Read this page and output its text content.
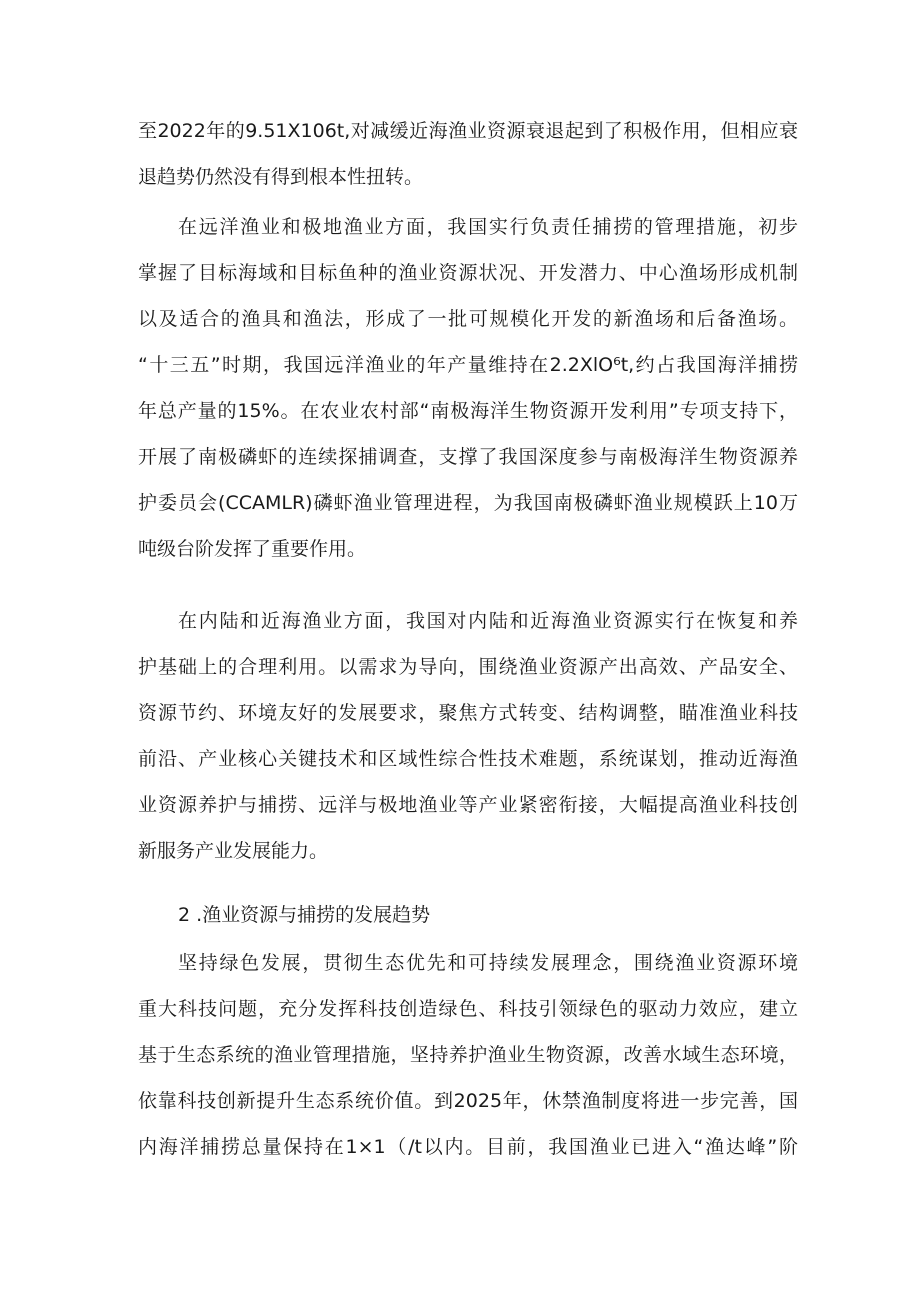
至2022年的9.51X106t,对减缓近海渔业资源衰退起到了积极作用，但相应衰
退趋势仍然没有得到根本性扭转。
在远洋渔业和极地渔业方面，我国实行负责任捕捞的管理措施，初步
掌握了目标海域和目标鱼种的渔业资源状况、开发潜力、中心渔场形成机制
以及适合的渔具和渔法，形成了一批可规模化开发的新渔场和后备渔场。
“十三五”时期，我国远洋渔业的年产量维持在2.2XlO⁶t,约占我国海洋捕捞
年总产量的15%。在农业农村部“南极海洋生物资源开发利用”专项支持下，
开展了南极磷虾的连续探捕调查，支撑了我国深度参与南极海洋生物资源养
护委员会(CCAMLR)磷虾渔业管理进程，为我国南极磷虾渔业规模跃上10万
吨级台阶发挥了重要作用。
在内陆和近海渔业方面，我国对内陆和近海渔业资源实行在恢复和养
护基础上的合理利用。以需求为导向，围绕渔业资源产出高效、产品安全、
资源节约、环境友好的发展要求，聚焦方式转变、结构调整，瞄准渔业科技
前沿、产业核心关键技术和区域性综合性技术难题，系统谋划，推动近海渔
业资源养护与捕捞、远洋与极地渔业等产业紧密衔接，大幅提高渔业科技创
新服务产业发展能力。
2 .渔业资源与捕捞的发展趋势
坚持绿色发展，贯彻生态优先和可持续发展理念，围绕渔业资源环境
重大科技问题，充分发挥科技创造绿色、科技引领绿色的驱动力效应，建立
基于生态系统的渔业管理措施，坚持养护渔业生物资源，改善水域生态环境，
依靠科技创新提升生态系统价值。到2025年，休禁渔制度将进一步完善，国
内海洋捕捞总量保持在1×1（/t以内。目前，我国渔业已进入“渔达峰”阶
